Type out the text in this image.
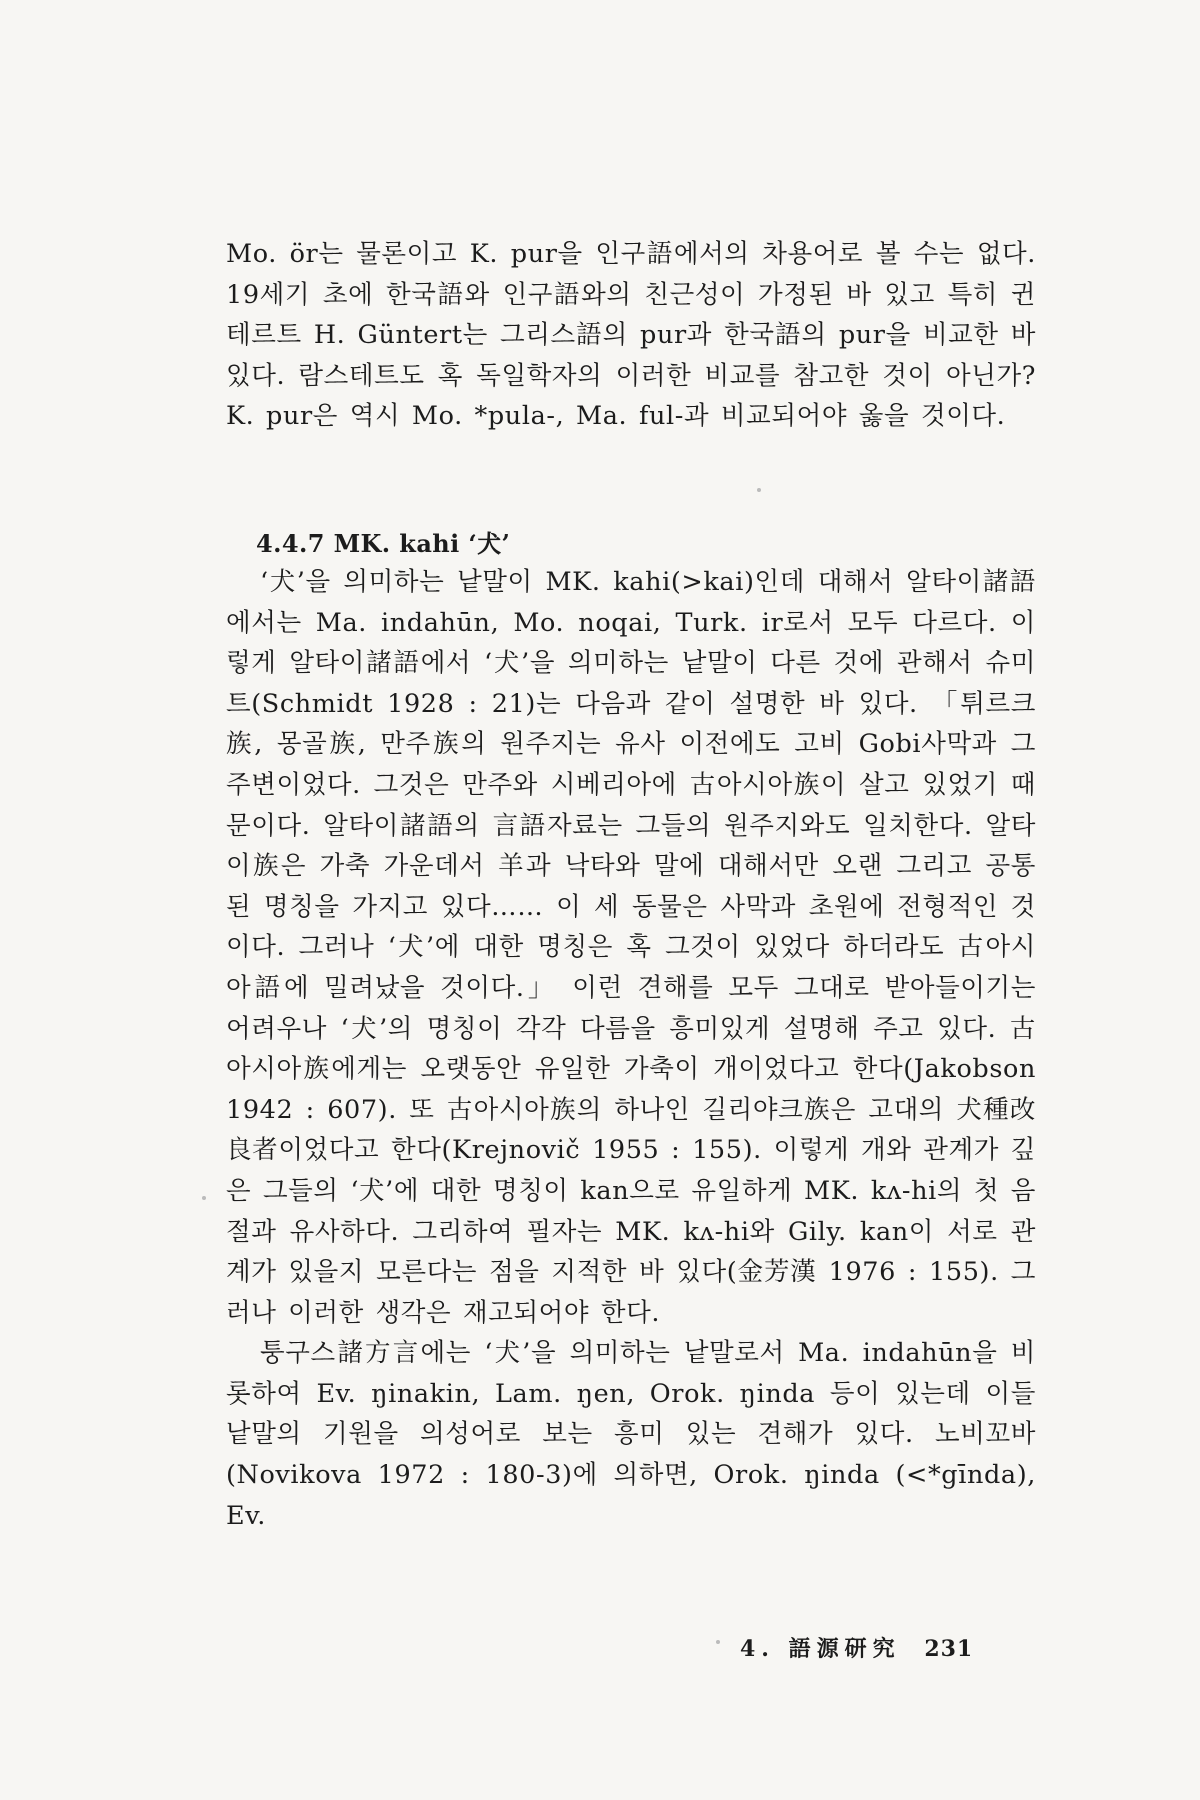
Mo. ör는 물론이고 K. pur을 인구語에서의 차용어로 볼 수는 없다. 19세기 초에 한국語와 인구語와의 친근성이 가정된 바 있고 특히 귄테르트 H. Güntert는 그리스語의 pur과 한국語의 pur을 비교한 바 있다. 람스테트도 혹 독일학자의 이러한 비교를 참고한 것이 아닌가? K. pur은 역시 Mo. *pula-, Ma. ful-과 비교되어야 옳을 것이다.

4.4.7 MK. kahi ‘犬’

‘犬’을 의미하는 낱말이 MK. kahi(>kai)인데 대해서 알타이諸語에서는 Ma. indahūn, Mo. noqai, Turk. ir로서 모두 다르다. 이렇게 알타이諸語에서 ‘犬’을 의미하는 낱말이 다른 것에 관해서 슈미트(Schmidt 1928 : 21)는 다음과 같이 설명한 바 있다. 「튀르크族, 몽골族, 만주族의 원주지는 유사 이전에도 고비 Gobi사막과 그 주변이었다. 그것은 만주와 시베리아에 古아시아族이 살고 있었기 때문이다. 알타이諸語의 言語자료는 그들의 원주지와도 일치한다. 알타이族은 가축 가운데서 羊과 낙타와 말에 대해서만 오랜 그리고 공통된 명칭을 가지고 있다…… 이 세 동물은 사막과 초원에 전형적인 것이다. 그러나 ‘犬’에 대한 명칭은 혹 그것이 있었다 하더라도 古아시아語에 밀려났을 것이다.」 이런 견해를 모두 그대로 받아들이기는 어려우나 ‘犬’의 명칭이 각각 다름을 흥미있게 설명해 주고 있다. 古아시아族에게는 오랫동안 유일한 가축이 개이었다고 한다(Jakobson 1942 : 607). 또 古아시아族의 하나인 길리야크族은 고대의 犬種改良者이었다고 한다(Krejnovič 1955 : 155). 이렇게 개와 관계가 깊은 그들의 ‘犬’에 대한 명칭이 kan으로 유일하게 MK. kʌ-hi의 첫 음절과 유사하다. 그리하여 필자는 MK. kʌ-hi와 Gily. kan이 서로 관계가 있을지 모른다는 점을 지적한 바 있다(金芳漢 1976 : 155). 그러나 이러한 생각은 재고되어야 한다.

퉁구스諸方言에는 ‘犬’을 의미하는 낱말로서 Ma. indahūn을 비롯하여 Ev. ŋinakin, Lam. ŋen, Orok. ŋinda 등이 있는데 이들 낱말의 기원을 의성어로 보는 흥미 있는 견해가 있다. 노비꼬바(Novikova 1972 : 180-3)에 의하면, Orok. ŋinda (<*gīnda), Ev.

4. 語源研究 231
